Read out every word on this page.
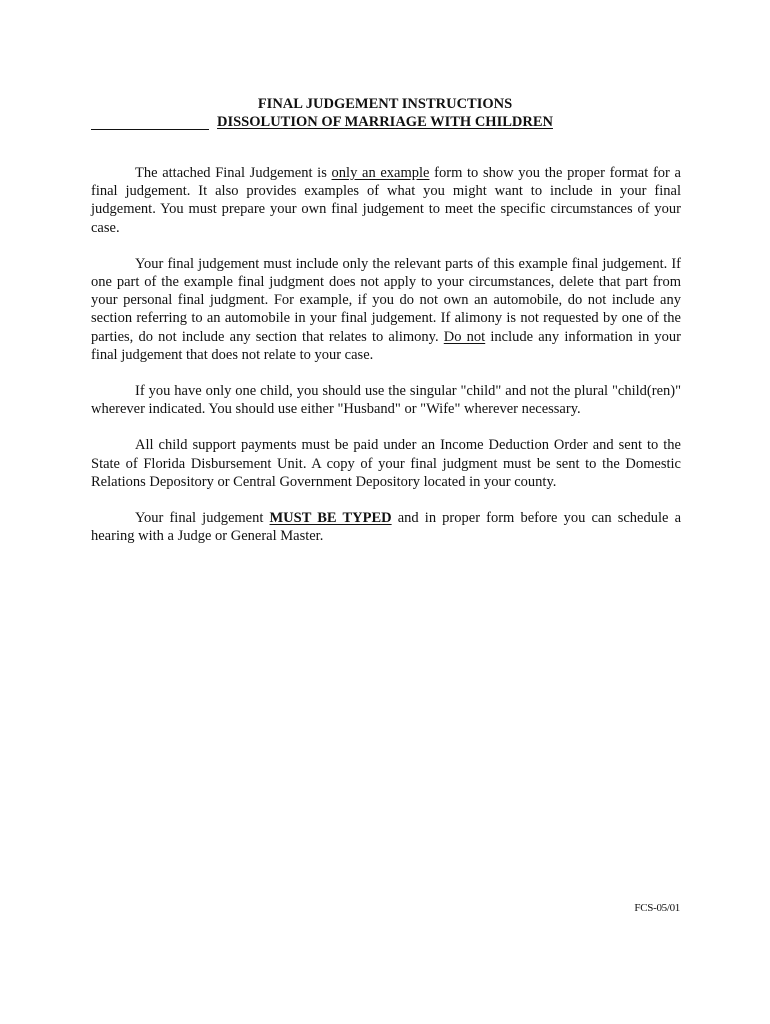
FINAL JUDGEMENT INSTRUCTIONS
DISSOLUTION OF MARRIAGE WITH CHILDREN

The attached Final Judgement is only an example form to show you the proper format for a final judgement. It also provides examples of what you might want to include in your final judgement. You must prepare your own final judgement to meet the specific circumstances of your case.

Your final judgement must include only the relevant parts of this example final judgement. If one part of the example final judgment does not apply to your circumstances, delete that part from your personal final judgment. For example, if you do not own an automobile, do not include any section referring to an automobile in your final judgement. If alimony is not requested by one of the parties, do not include any section that relates to alimony. Do not include any information in your final judgement that does not relate to your case.

If you have only one child, you should use the singular "child" and not the plural "child(ren)" wherever indicated. You should use either "Husband" or "Wife" wherever necessary.

All child support payments must be paid under an Income Deduction Order and sent to the State of Florida Disbursement Unit. A copy of your final judgment must be sent to the Domestic Relations Depository or Central Government Depository located in your county.

Your final judgement MUST BE TYPED and in proper form before you can schedule a hearing with a Judge or General Master.

FCS-05/01
